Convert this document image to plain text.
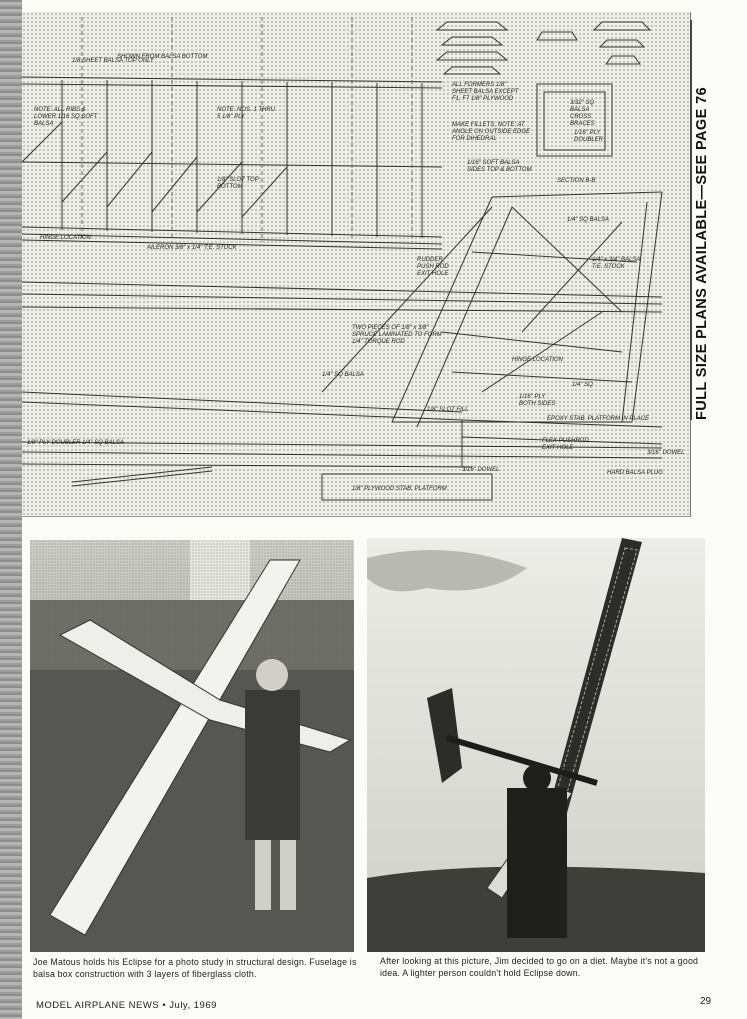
1/8 SHEET BALSA TOP ONLY
SHOWN FROM BALSA BOTTOM
NOTE: ALL RIBS & LOWER 1/16 SQ SOFT BALSA
NOTE: NOS. 1 THRU 5 1/8" PLY
1/8" SLOT TOP BOTTOM
HINGE LOCATION
AILERON 3/8" x 1/4" T.E. STOCK
ALL FORMERS 1/8" SHEET BALSA EXCEPT F1, F7 1/8" PLYWOOD
MAKE FILLETS, NOTE: AT ANGLE ON OUTSIDE EDGE FOR DIHEDRAL
1/16" SOFT BALSA SIDES TOP & BOTTOM
3/32" SQ BALSA CROSS BRACES
1/16" PLY DOUBLER
SECTION B-B
RUDDER PUSH ROD EXIT HOLE
TWO PIECES OF 1/8" x 3/8" SPRUCE LAMINATED TO FORM 1/4" TORQUE ROD
HINGE LOCATION
1/4" SQ BALSA
1/4" x 3/4" BALSA T.E. STOCK
1/4" SQ
1/8" SLOT FILL
1/16" PLY BOTH SIDES
EPOXY STAB. PLATFORM IN PLACE
FLEX PUSHROD EXIT HOLE
3/16" DOWEL
3/16" DOWEL
HARD BALSA PLUG
1/8" PLYWOOD STAB. PLATFORM
1/8" PLY DOUBLER 1/4" SQ BALSA
1/4" SQ BALSA	FULL SIZE PLANS AVAILABLE—SEE PAGE 76
Joe Matous holds his Eclipse for a photo study in structural design. Fuselage is balsa box construction with 3 layers of fiberglass cloth.
After looking at this picture, Jim decided to go on a diet. Maybe it's not a good idea. A lighter person couldn't hold Eclipse down.
MODEL AIRPLANE NEWS • July, 1969	29
